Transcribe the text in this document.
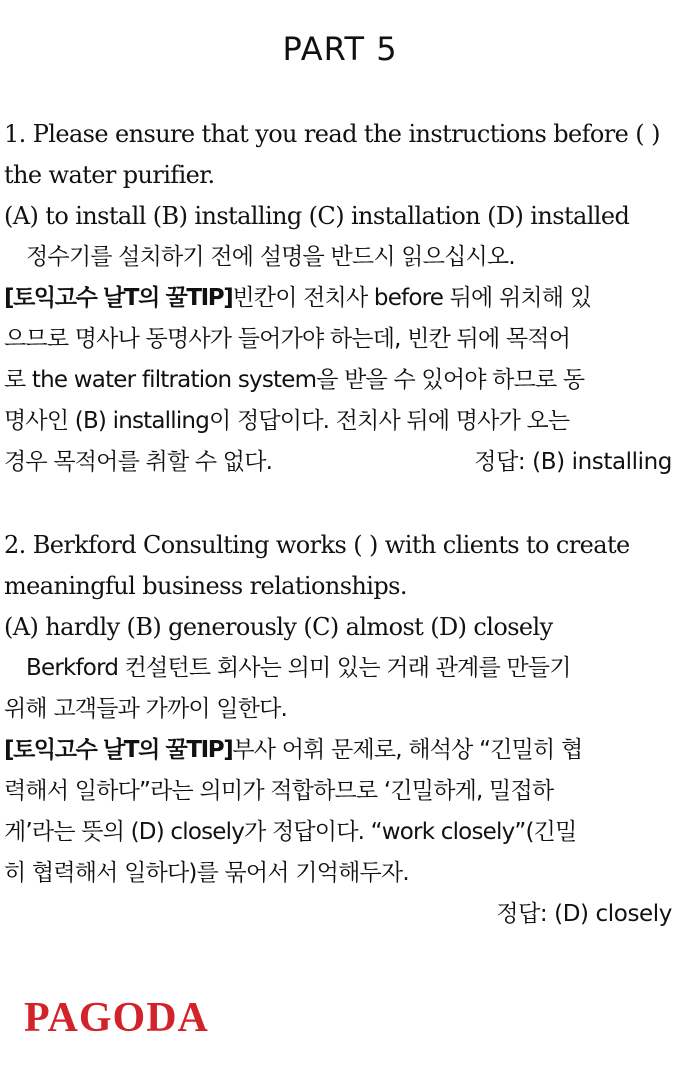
PART 5
1. Please ensure that you read the instructions before ( )
the water purifier.
(A) to install (B) installing (C) installation (D) installed
정수기를 설치하기 전에 설명을 반드시 읽으십시오.
[토익고수 날T의 꿀TIP]빈칸이 전치사 before 뒤에 위치해 있
으므로 명사나 동명사가 들어가야 하는데, 빈칸 뒤에 목적어
로 the water filtration system을 받을 수 있어야 하므로 동
명사인 (B) installing이 정답이다. 전치사 뒤에 명사가 오는
경우 목적어를 취할 수 없다.	정답: (B) installing
2. Berkford Consulting works ( ) with clients to create
meaningful business relationships.
(A) hardly (B) generously (C) almost (D) closely
Berkford 컨설턴트 회사는 의미 있는 거래 관계를 만들기
위해 고객들과 가까이 일한다.
[토익고수 날T의 꿀TIP]부사 어휘 문제로, 해석상 “긴밀히 협
력해서 일하다”라는 의미가 적합하므로 ‘긴밀하게, 밀접하
게’라는 뜻의 (D) closely가 정답이다. “work closely”(긴밀
히 협력해서 일하다)를 묶어서 기억해두자.
정답: (D) closely
PAGODA
